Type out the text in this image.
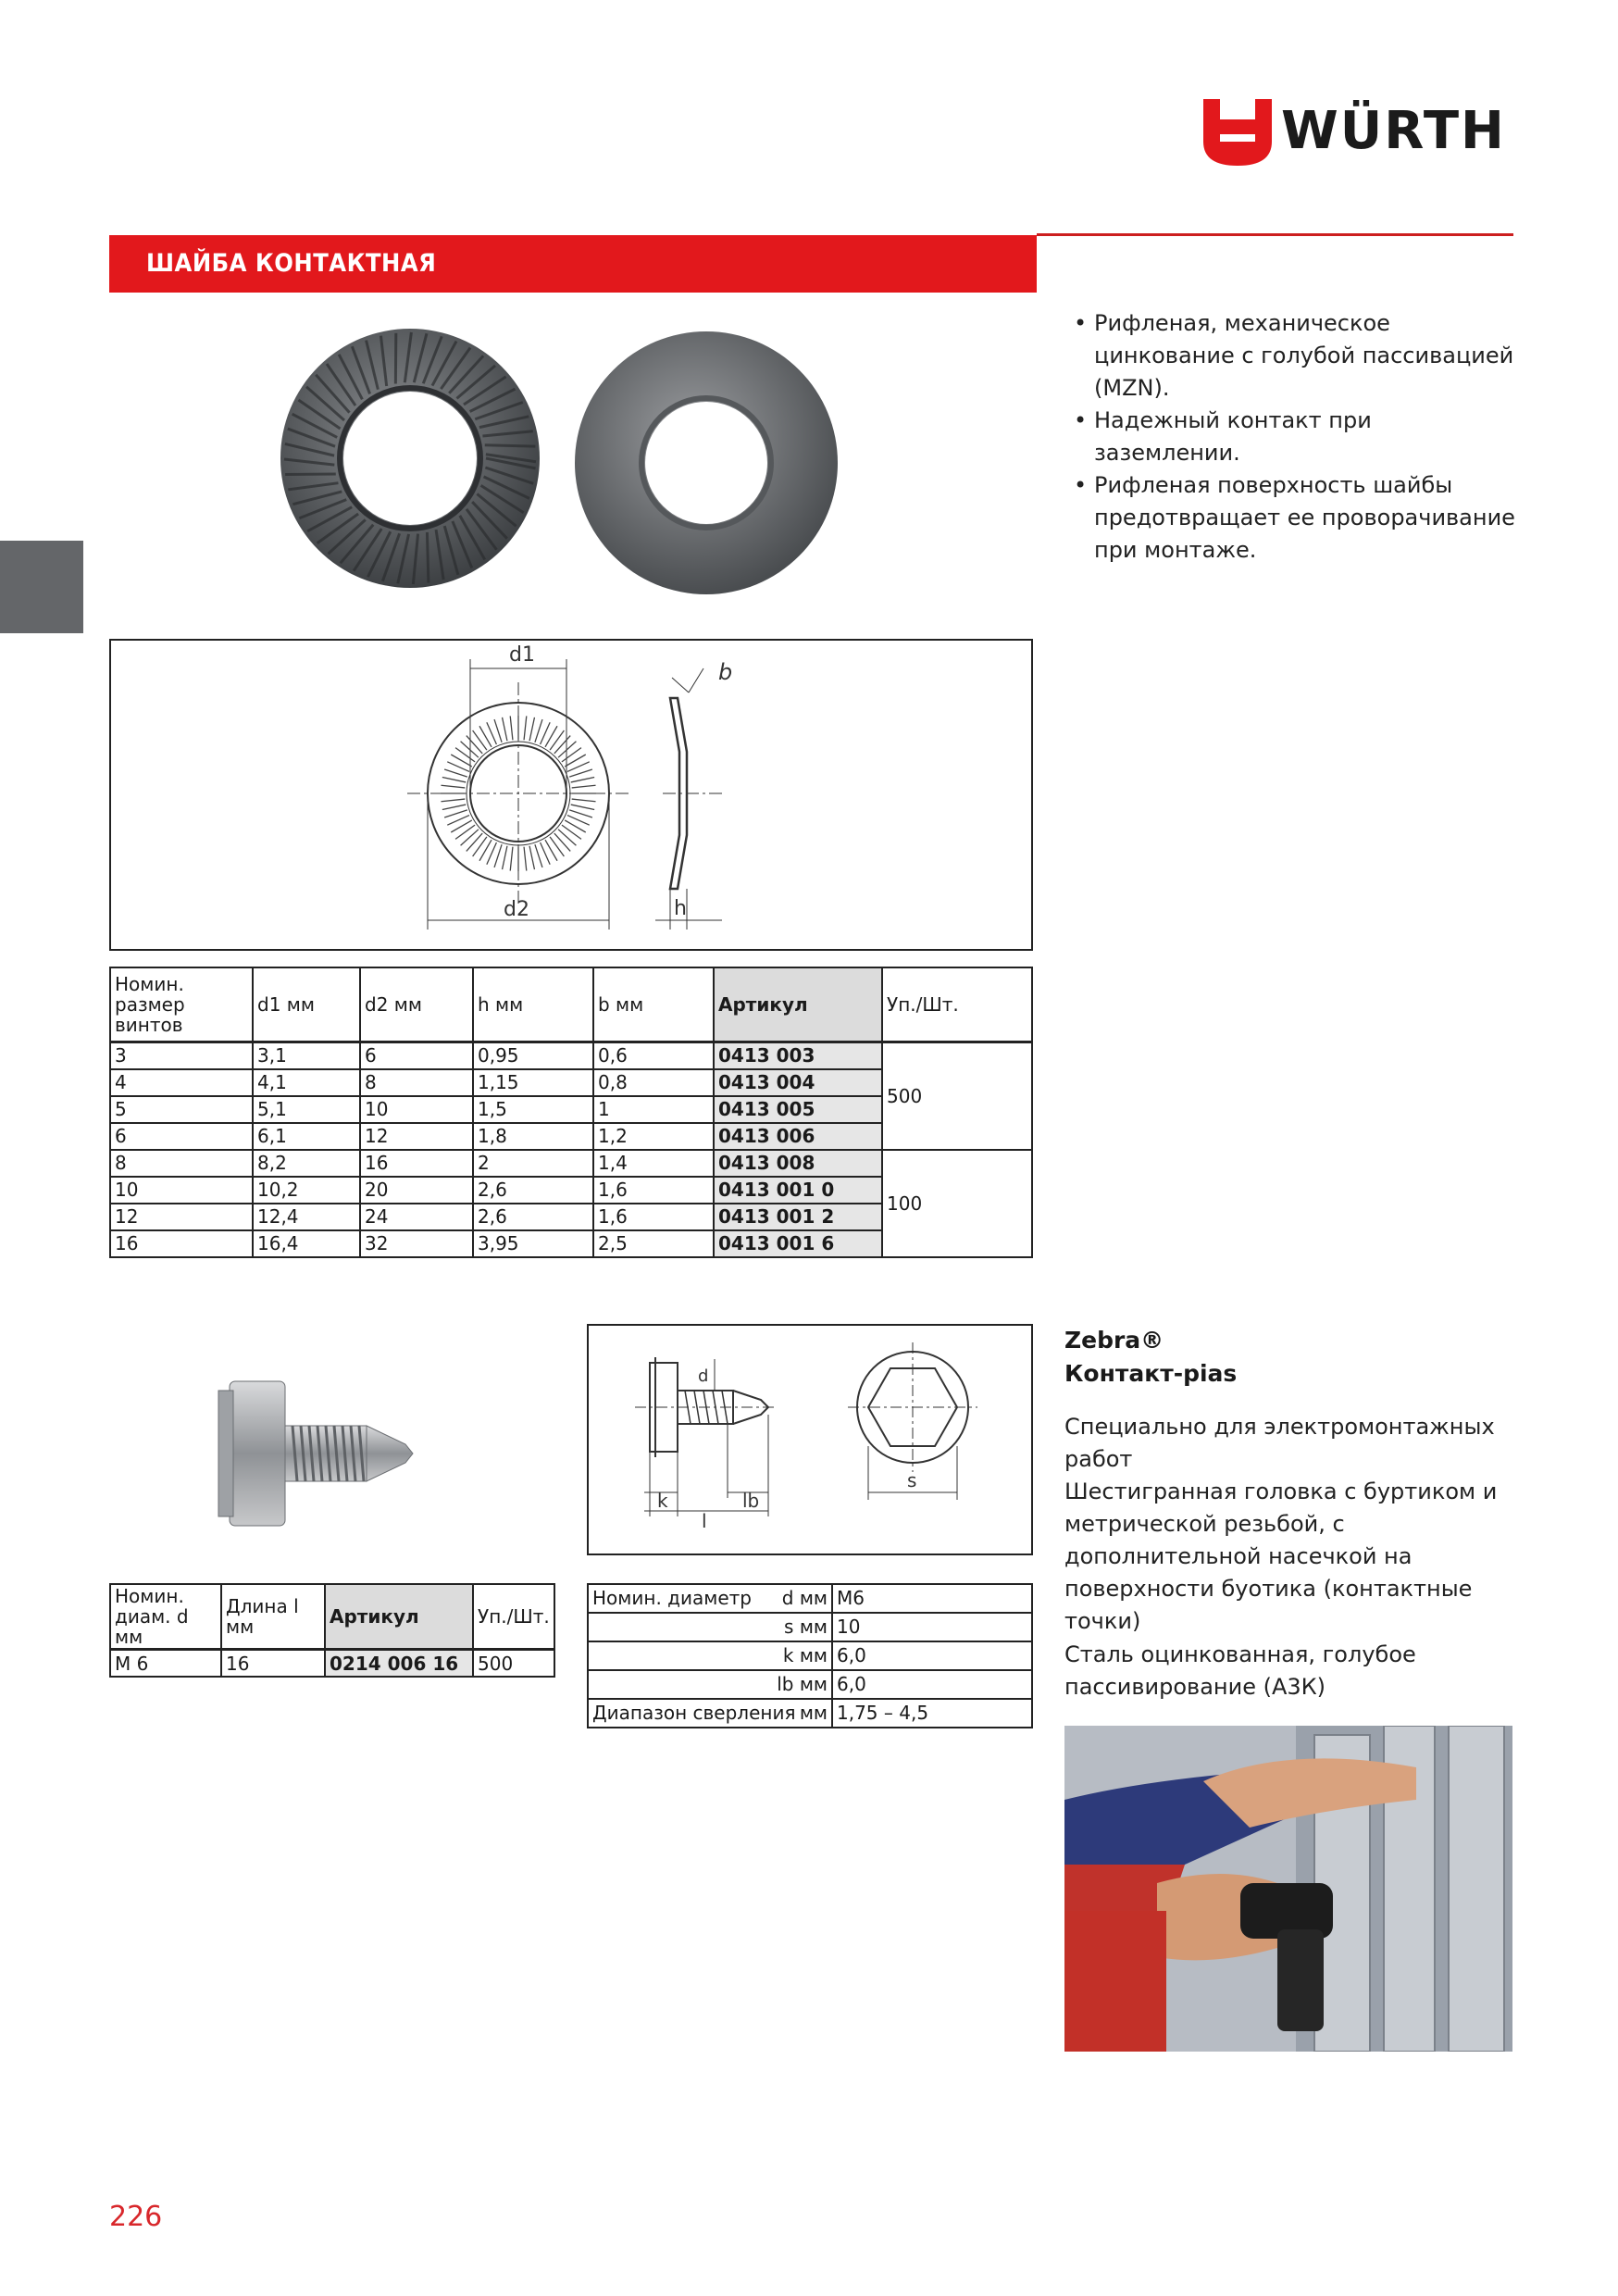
WÜRTH
ШАЙБА КОНТАКТНАЯ
d1
d2	h
b
• Рифленая, механическое цинкование с голубой пассивацией (MZN).
• Надежный контакт при заземлении.
• Рифленая поверхность шайбы предотвращает ее проворачивание при монтаже.
Номин. размер винтов	d1 мм	d2 мм	h мм	b мм	Артикул	Уп./Шт.
3	3,1	6	0,95	0,6	0413 003	500
4	4,1	8	1,15	0,8	0413 004	
5	5,1	10	1,5	1	0413 005	
6	6,1	12	1,8	1,2	0413 006	
8	8,2	16	2	1,4	0413 008	100
10	10,2	20	2,6	1,6	0413 001 0	
12	12,4	24	2,6	1,6	0413 001 2	
16	16,4	32	3,95	2,5	0413 001 6	
d
k
l
lb
s
Номин. диам. d мм	Длина l мм	Артикул	Уп./Шт.
М 6	16	0214 006 16	500
Номин. диаметр d мм	M6

s мм	10

k мм	6,0

lb мм	6,0

Диапазон сверления мм	1,75 – 4,5
Zebra®
Контакт-pias
Специально для электромонтажных работ
Шестигранная головка с буртиком и метрической резьбой, с дополнительной насечкой на поверхности буотика (контактные точки)
Сталь оцинкованная, голубое пассивирование (А3К)
226
